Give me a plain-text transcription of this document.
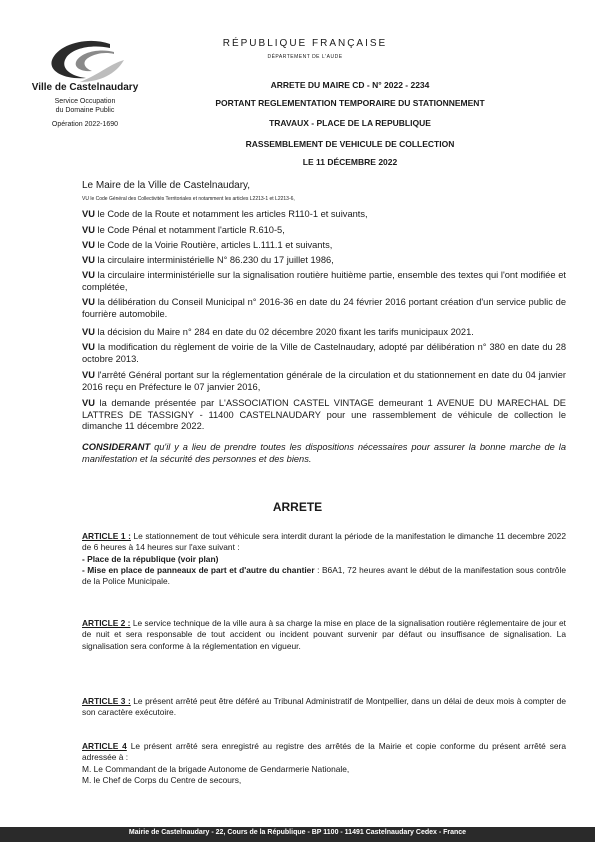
Ville de Castelnaudary
Service Occupation
du Domaine Public
Opération 2022-1690
RÉPUBLIQUE FRANÇAISE
DÉPARTEMENT DE L'AUDE
ARRETE DU MAIRE CD - N° 2022 - 2234
PORTANT REGLEMENTATION TEMPORAIRE DU STATIONNEMENT
TRAVAUX - PLACE DE LA REPUBLIQUE
RASSEMBLEMENT DE VEHICULE DE COLLECTION
LE 11 DÉCEMBRE 2022
Le Maire de la Ville de Castelnaudary,
VU le Code Général des Collectivités Territoriales et notamment les articles L2213-1 et L2213-6,

VU le Code de la Route et notamment les articles R110-1 et suivants,

VU le Code Pénal et notamment l'article R.610-5,

VU le Code de la Voirie Routière, articles L.111.1 et suivants,

VU la circulaire interministérielle N° 86.230 du 17 juillet 1986,

VU la circulaire interministérielle sur la signalisation routière huitième partie, ensemble des textes qui l'ont modifiée et complétée,

VU la délibération du Conseil Municipal n° 2016-36 en date du 24 février 2016 portant création d'un service public de fourrière automobile.

VU la décision du Maire n° 284 en date du 02 décembre 2020 fixant les tarifs municipaux 2021.

VU la modification du règlement de voirie de la Ville de Castelnaudary, adopté par délibération n° 380 en date du 28 octobre 2013.

VU l'arrêté Général portant sur la réglementation générale de la circulation et du stationnement en date du 04 janvier 2016 reçu en Préfecture le 07 janvier 2016,

VU la demande présentée par L'ASSOCIATION CASTEL VINTAGE demeurant 1 AVENUE DU MARECHAL DE LATTRES DE TASSIGNY - 11400 CASTELNAUDARY pour une rassemblement de véhicule de collection le dimanche 11 décembre 2022.

CONSIDERANT qu'il y a lieu de prendre toutes les dispositions nécessaires pour assurer la bonne marche de la manifestation et la sécurité des personnes et des biens.

ARRETE

ARTICLE 1 : Le stationnement de tout véhicule sera interdit durant la période de la manifestation le dimanche 11 decembre 2022 de 6 heures à 14 heures sur l'axe suivant :
- Place de la république (voir plan)
- Mise en place de panneaux de part et d'autre du chantier : B6A1, 72 heures avant le début de la manifestation sous contrôle de la Police Municipale.

ARTICLE 2 : Le service technique de la ville aura à sa charge la mise en place de la signalisation routière réglementaire de jour et de nuit et sera responsable de tout accident ou incident pouvant survenir par défaut ou insuffisance de signalisation. La signalisation sera conforme à la réglementation en vigueur.

ARTICLE 3 : Le présent arrêté peut être déféré au Tribunal Administratif de Montpellier, dans un délai de deux mois à compter de son caractère exécutoire.

ARTICLE 4 Le présent arrêté sera enregistré au registre des arrêtés de la Mairie et copie conforme du présent arrêté sera adressée à :
M. Le Commandant de la brigade Autonome de Gendarmerie Nationale,
M. le Chef de Corps du Centre de secours,

Mairie de Castelnaudary - 22, Cours de la République - BP 1100 - 11491 Castelnaudary Cedex - France
